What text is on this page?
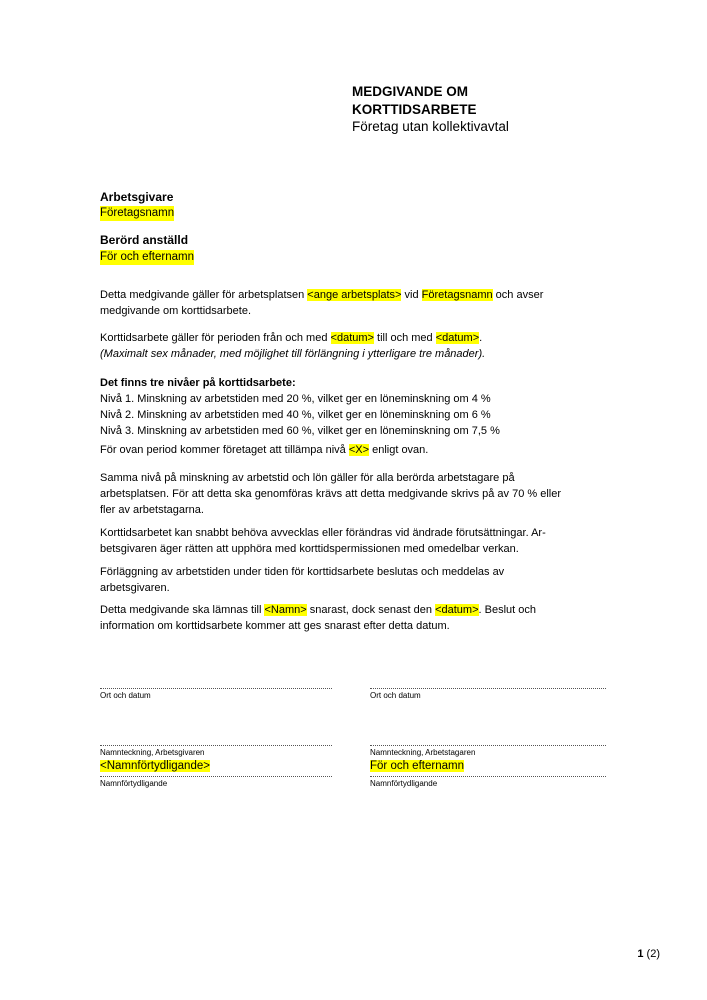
MEDGIVANDE OM
KORTTIDSARBETE
Företag utan kollektivavtal
Arbetsgivare
Företagsnamn
Berörd anställd
För och efternamn
Detta medgivande gäller för arbetsplatsen <ange arbetsplats> vid Företagsnamn och avser
medgivande om korttidsarbete.
Korttidsarbete gäller för perioden från och med <datum> till och med <datum>.
(Maximalt sex månader, med möjlighet till förlängning i ytterligare tre månader).
Det finns tre nivåer på korttidsarbete:
Nivå 1. Minskning av arbetstiden med 20 %, vilket ger en löneminskning om 4 %
Nivå 2. Minskning av arbetstiden med 40 %, vilket ger en löneminskning om 6 %
Nivå 3. Minskning av arbetstiden med 60 %, vilket ger en löneminskning om 7,5 %
För ovan period kommer företaget att tillämpa nivå <X> enligt ovan.
Samma nivå på minskning av arbetstid och lön gäller för alla berörda arbetstagare på
arbetsplatsen. För att detta ska genomföras krävs att detta medgivande skrivs på av 70 % eller
fler av arbetstagarna.
Korttidsarbetet kan snabbt behöva avvecklas eller förändras vid ändrade förutsättningar. Ar-
betsgivaren äger rätten att upphöra med korttidspermissionen med omedelbar verkan.
Förläggning av arbetstiden under tiden för korttidsarbete beslutas och meddelas av
arbetsgivaren.
Detta medgivande ska lämnas till <Namn> snarast, dock senast den <datum>. Beslut och
information om korttidsarbete kommer att ges snarast efter detta datum.
Ort och datum
Namnteckning, Arbetsgivaren
<Namnförtydligande>
Namnförtydligande
Ort och datum
Namnteckning, Arbetstagaren
För och efternamn
Namnförtydligande
1 (2)
